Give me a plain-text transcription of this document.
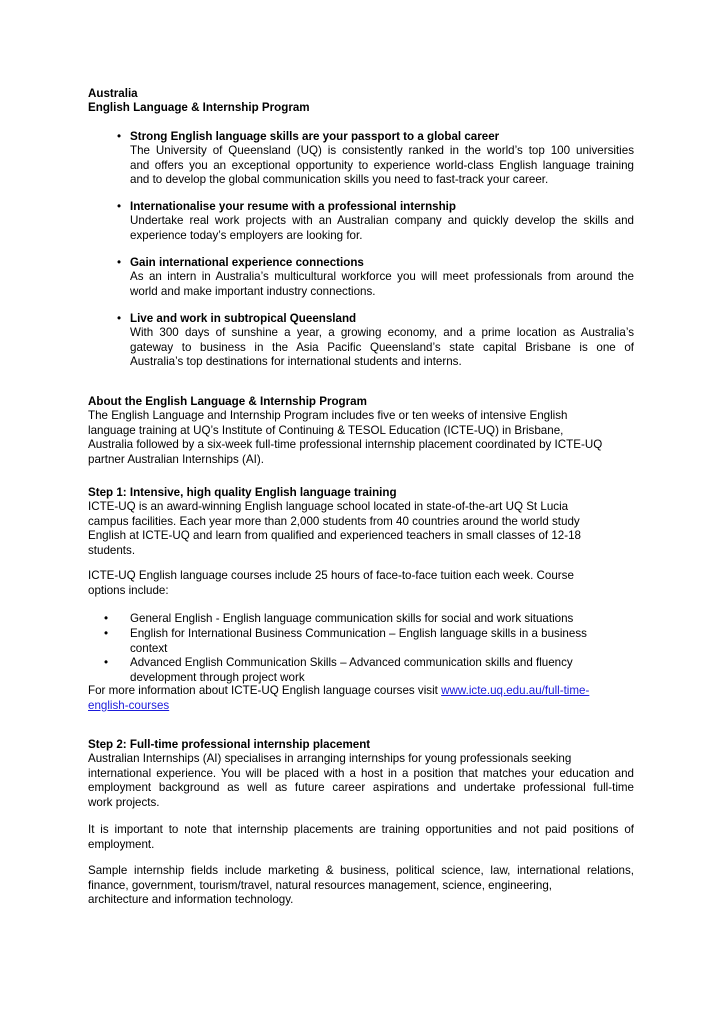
Australia
English Language & Internship Program
• Strong English language skills are your passport to a global career
The University of Queensland (UQ) is consistently ranked in the world’s top 100 universities
and offers you an exceptional opportunity to experience world-class English language training
and to develop the global communication skills you need to fast-track your career.
• Internationalise your resume with a professional internship
Undertake real work projects with an Australian company and quickly develop the skills and
experience today’s employers are looking for.
• Gain international experience connections
As an intern in Australia’s multicultural workforce you will meet professionals from around the
world and make important industry connections.
• Live and work in subtropical Queensland
With 300 days of sunshine a year, a growing economy, and a prime location as Australia’s
gateway to business in the Asia Pacific Queensland’s state capital Brisbane is one of
Australia’s top destinations for international students and interns.
About the English Language & Internship Program
The English Language and Internship Program includes five or ten weeks of intensive English
language training at UQ’s Institute of Continuing & TESOL Education (ICTE-UQ) in Brisbane,
Australia followed by a six-week full-time professional internship placement coordinated by ICTE-UQ
partner Australian Internships (AI).
Step 1: Intensive, high quality English language training
ICTE-UQ is an award-winning English language school located in state-of-the-art UQ St Lucia
campus facilities. Each year more than 2,000 students from 40 countries around the world study
English at ICTE-UQ and learn from qualified and experienced teachers in small classes of 12-18
students.
ICTE-UQ English language courses include 25 hours of face-to-face tuition each week. Course
options include:
• General English - English language communication skills for social and work situations
• English for International Business Communication – English language skills in a business
context
• Advanced English Communication Skills – Advanced communication skills and fluency
development through project work
For more information about ICTE-UQ English language courses visit www.icte.uq.edu.au/full-time-
english-courses
Step 2: Full-time professional internship placement
Australian Internships (AI) specialises in arranging internships for young professionals seeking
international experience. You will be placed with a host in a position that matches your education and
employment background as well as future career aspirations and undertake professional full-time
work projects.
It is important to note that internship placements are training opportunities and not paid positions of
employment.
Sample internship fields include marketing & business, political science, law, international relations,
finance, government, tourism/travel, natural resources management, science, engineering,
architecture and information technology.
